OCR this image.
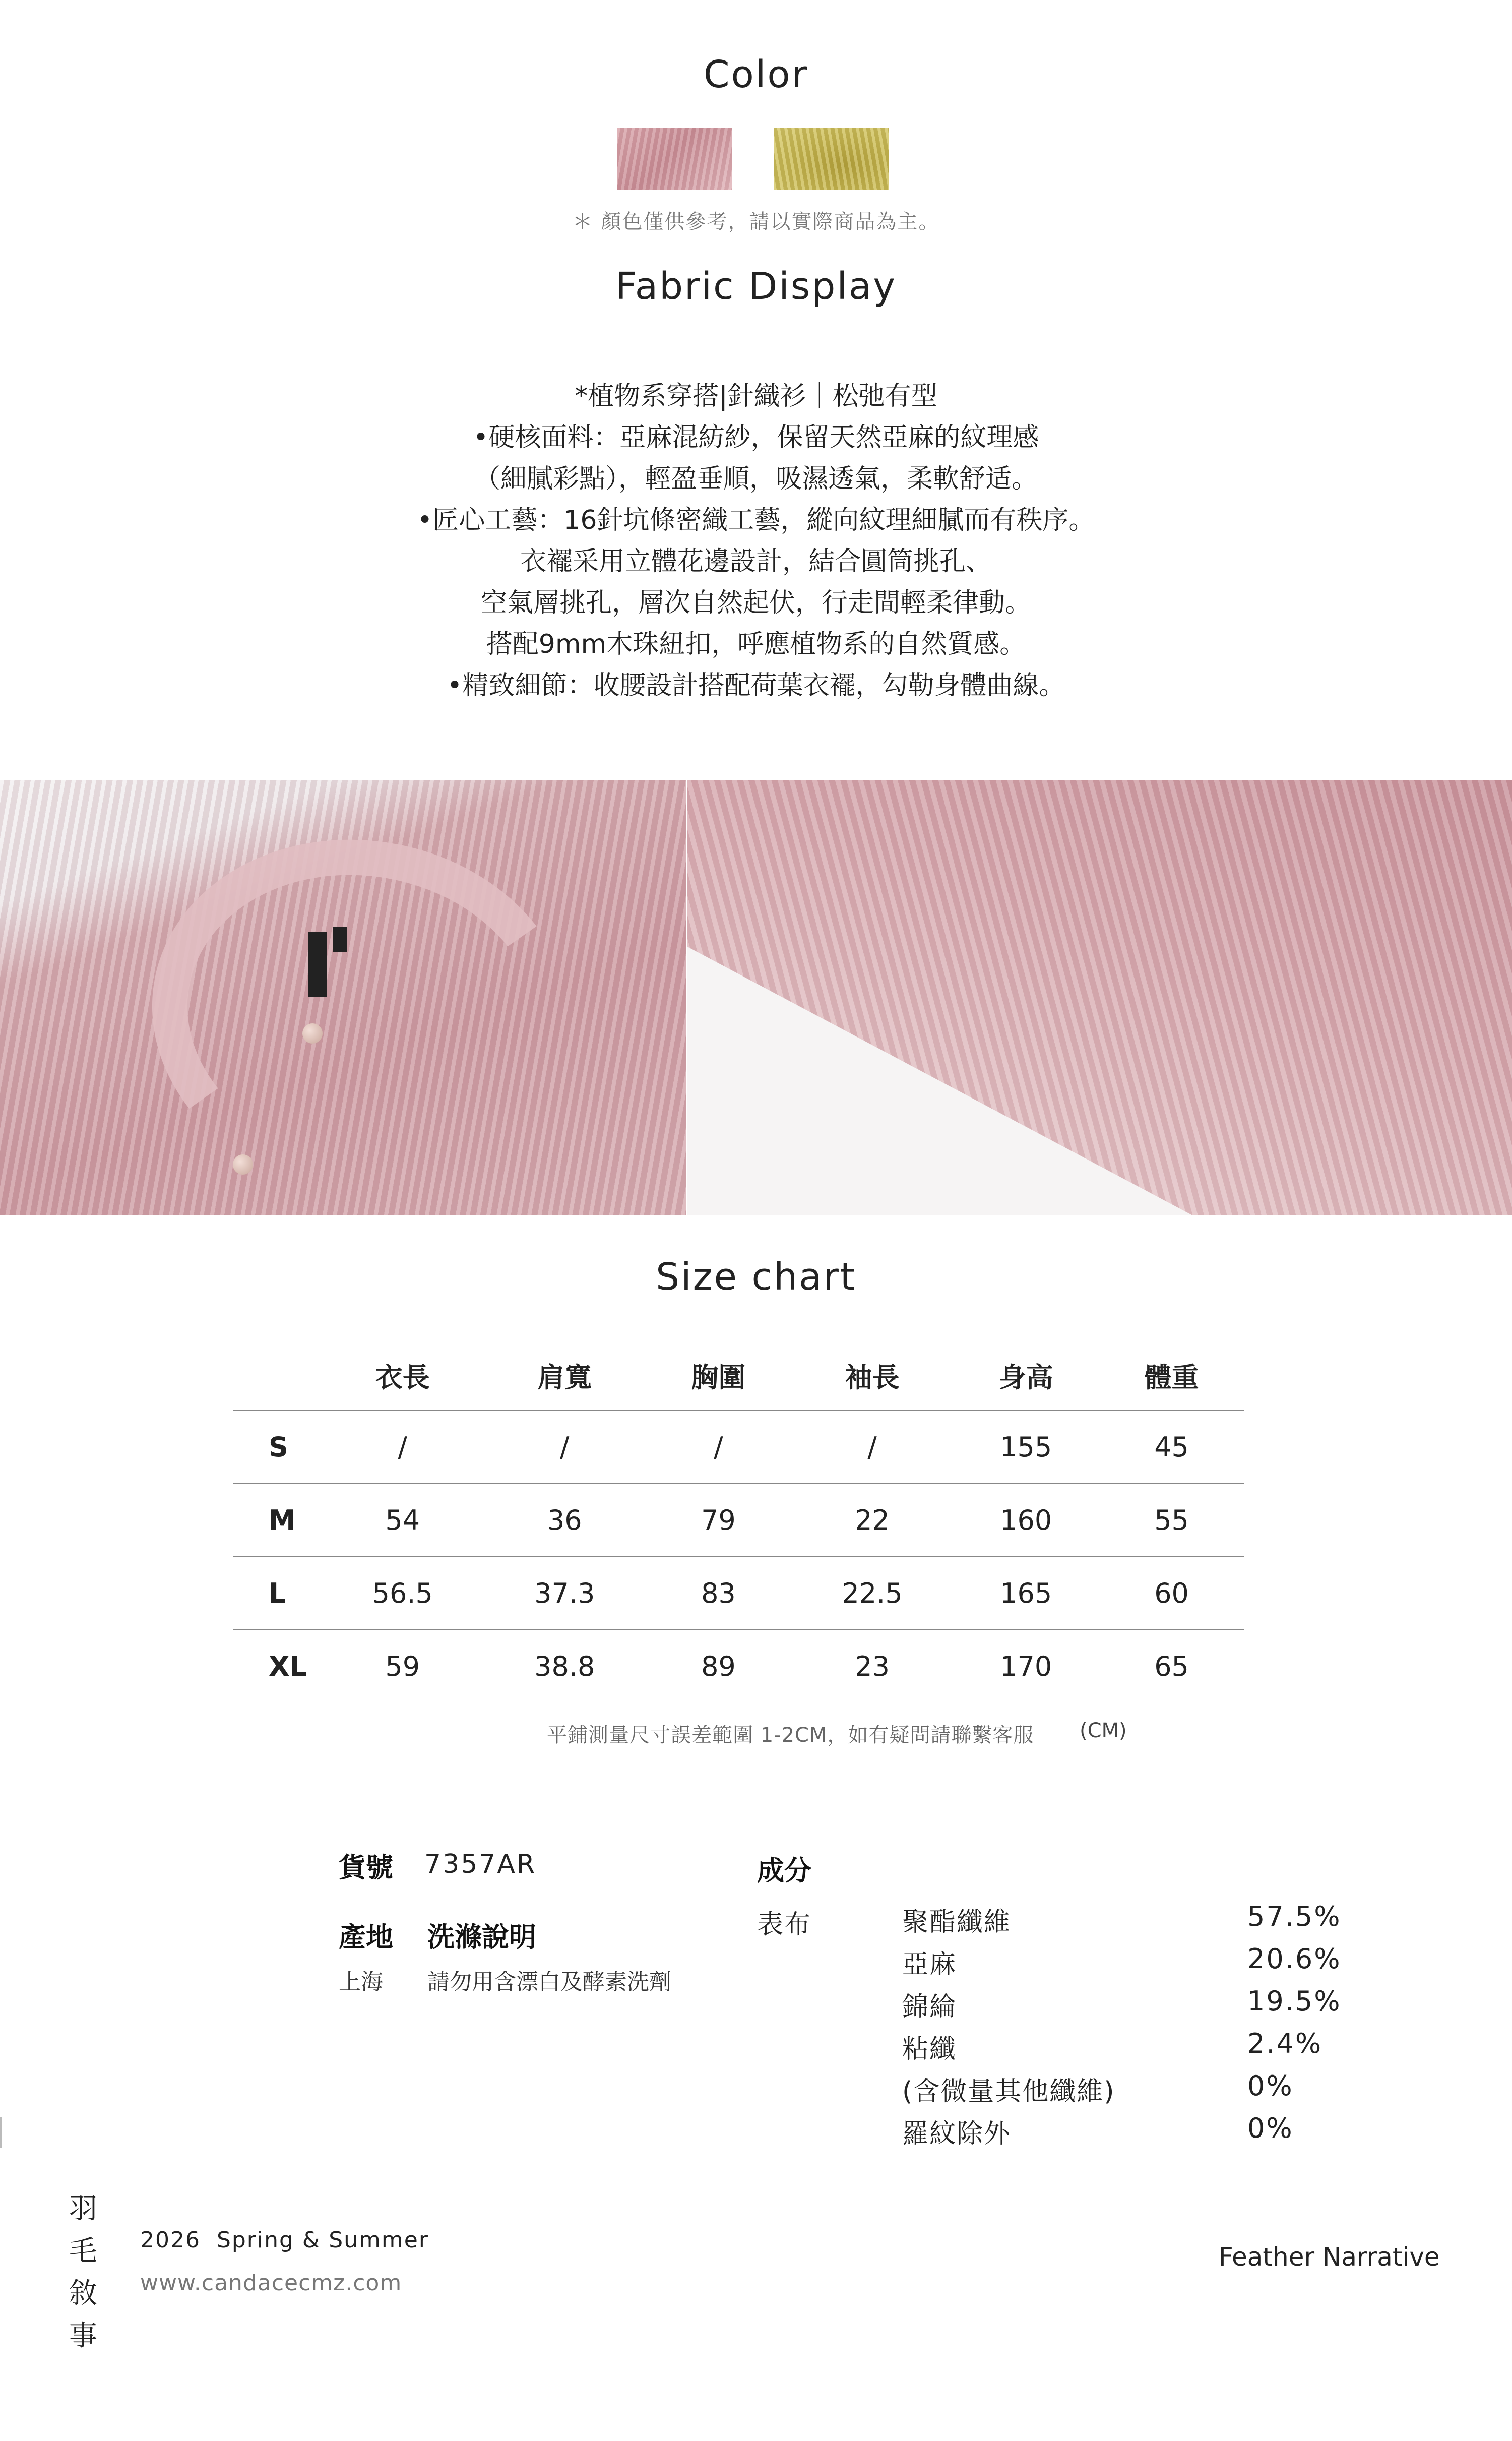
Color
＊ 顏色僅供參考，請以實際商品為主。
Fabric Display
*植物系穿搭|針織衫｜松弛有型
•硬核面料：亞麻混紡紗，保留天然亞麻的紋理感
（細膩彩點），輕盈垂順，吸濕透氣，柔軟舒适。
•匠心工藝：16針坑條密織工藝，縱向紋理細膩而有秩序。
衣襬采用立體花邊設計，結合圓筒挑孔、
空氣層挑孔，層次自然起伏，行走間輕柔律動。
搭配9mm木珠紐扣，呼應植物系的自然質感。
•精致細節：收腰設計搭配荷葉衣襬，勾勒身體曲線。
Size chart
	衣長	肩寬	胸圍	袖長	身高	體重
S	/	/	/	/	155	45
M	54	36	79	22	160	55
L	56.5	37.3	83	22.5	165	60
XL	59	38.8	89	23	170	65
平鋪測量尺寸誤差範圍 1-2CM，如有疑問請聯繫客服 (CM)
貨號 7357AR
產地 洗滌說明
上海 請勿用含漂白及酵素洗劑
成分
表布	聚酯纖維	57.5%
亞麻	20.6%
錦綸	19.5%
粘纖	2.4%
(含微量其他纖維)	0%
羅紋除外	0%
羽
毛
敘
事
2026  Spring & Summer
www.candacecmz.com
Feather Narrative
